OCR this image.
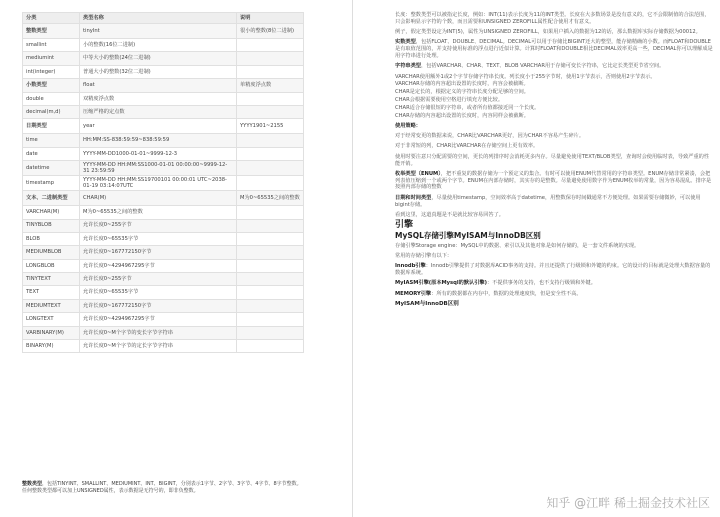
分类	类型名称	说明
整数类型	tinyInt	很小的整数(8位二进制)
smallint	小的整数(16位二进制)	
mediumint	中等大小的整数(24位二进制)	
int(integer)	普通大小的整数(32位二进制)	
小数类型	float	单精度浮点数
double	双精度浮点数	
decimal(m,d)	压缩严格的定点数	
日期类型	year	YYYY1901~2155
time	HH:MM:SS-838:59:59~838:59:59	
date	YYYY-MM-DD1000-01-01~9999-12-3	
datetime	YYYY-MM-DD HH:MM:SS1000-01-01 00:00:00~9999-12-31 23:59:59	
timestamp	YYYY-MM-DD HH:MM:SS19700101 00:00:01 UTC~2038-01-19 03:14:07UTC	
文本、二进制类型	CHAR(M)	M为0~65535之间的整数
VARCHAR(M)	M为0~65535之间的整数	
TINYBLOB	允许长度0~255字节	
BLOB	允许长度0~65535字节	
MEDIUMBLOB	允许长度0~167772150字节	
LONGBLOB	允许长度0~4294967295字节	
TINYTEXT	允许长度0~255字节	
TEXT	允许长度0~65535字节	
MEDIUMTEXT	允许长度0~167772150字节	
LONGTEXT	允许长度0~4294967295字节	
VARBINARY(M)	允许长度0~M个字节的变长字节字符串	
BINARY(M)	允许长度0~M个字节的定长字节字符串	
整数类型，包括TINYINT、SMALLINT、MEDIUMINT、INT、BIGINT，分别表示1字节、2字节、3字节、4字节、8字节整数。任何整数类型都可以加上UNSIGNED属性，表示数据是无符号的，即非负整数。

长度：整数类型可以被指定长度，例如：INT(11)表示长度为11的INT类型。长度在大多数场景是没有意义的，它不会限制值的合法范围，只会影响显示字符的个数，而且需要和UNSIGNED ZEROFILL属性配合使用才有意义。

例子，假定类型设定为INT(5)，属性为UNSIGNED ZEROFILL，如果用户插入的数据为12的话，那么数据库实际存储数据为00012。

实数类型，包括FLOAT、DOUBLE、DECIMAL。DECIMAL可以用于存储比BIGINT还大的整型，能存储精确的小数。而FLOAT和DOUBLE是有取值范围的，并支持使用标准的浮点进行近似计算。计算时FLOAT和DOUBLE相比DECIMAL效率更高一些，DECIMAL你可以理解成是用字符串进行处理。

字符串类型，包括VARCHAR、CHAR、TEXT、BLOB VARCHAR用于存储可变长字符串，它比定长类型更节省空间。

VARCHAR使用额外1或2个字节存储字符串长度。列长度小于255字节时，使用1字节表示，否则使用2字节表示。

VARCHAR存储的内容超出设置的长度时，内容会被截断。

CHAR是定长的，根据定义的字符串长度分配足够的空间。

CHAR会根据需要使用空格进行填充方便比较。

CHAR适合存储很短的字符串，或者所有值都接近同一个长度。

CHAR存储的内容超出设置的长度时，内容同样会被截断。

使用策略：

对于经常变更的数据来说，CHAR比VARCHAR更好，因为CHAR不容易产生碎片。

对于非常短的列，CHAR比VARCHAR在存储空间上更有效率。

使用时要注意只分配需要的空间，更长的列排序时会消耗更多内存。尽量避免使用TEXT/BLOB类型，查询时会使用临时表，导致严重的性能开销。

枚举类型（ENUM），把不重复的数据存储为一个预定义的集合。有时可以使用ENUM代替常用的字符串类型。ENUM存储非常紧凑，会把列表值压缩到一个或两个字节。ENUM在内部存储时，其实存的是整数。尽量避免使用数字作为ENUM枚举的常量，因为容易混乱。排序是按照内部存储的整数

日期和时间类型，尽量使用timestamp，空间效率高于datetime，用整数保存时间戳通常不方便处理。如果需要存储微妙，可以使用bigint存储。

看到这里，这道真题是不是就比较容易回答了。

引擎
MySQL存储引擎MyISAM与InnoDB区别

存储引擎Storage engine：MySQL中的数据、索引以及其他对象是如何存储的，是一套文件系统的实现。

常用的存储引擎有以下：

Innodb引擎：Innodb引擎提供了对数据库ACID事务的支持。并且还提供了行级锁和外键的约束。它的设计的目标就是处理大数据容量的数据库系统。

MyIASM引擎(原本Mysql的默认引擎)：不提供事务的支持，也不支持行级锁和外键。

MEMORY引擎：所有的数据都在内存中，数据的处理速度快，但是安全性不高。

MyISAM与InnoDB区别
知乎 @江畔 稀土掘金技术社区
